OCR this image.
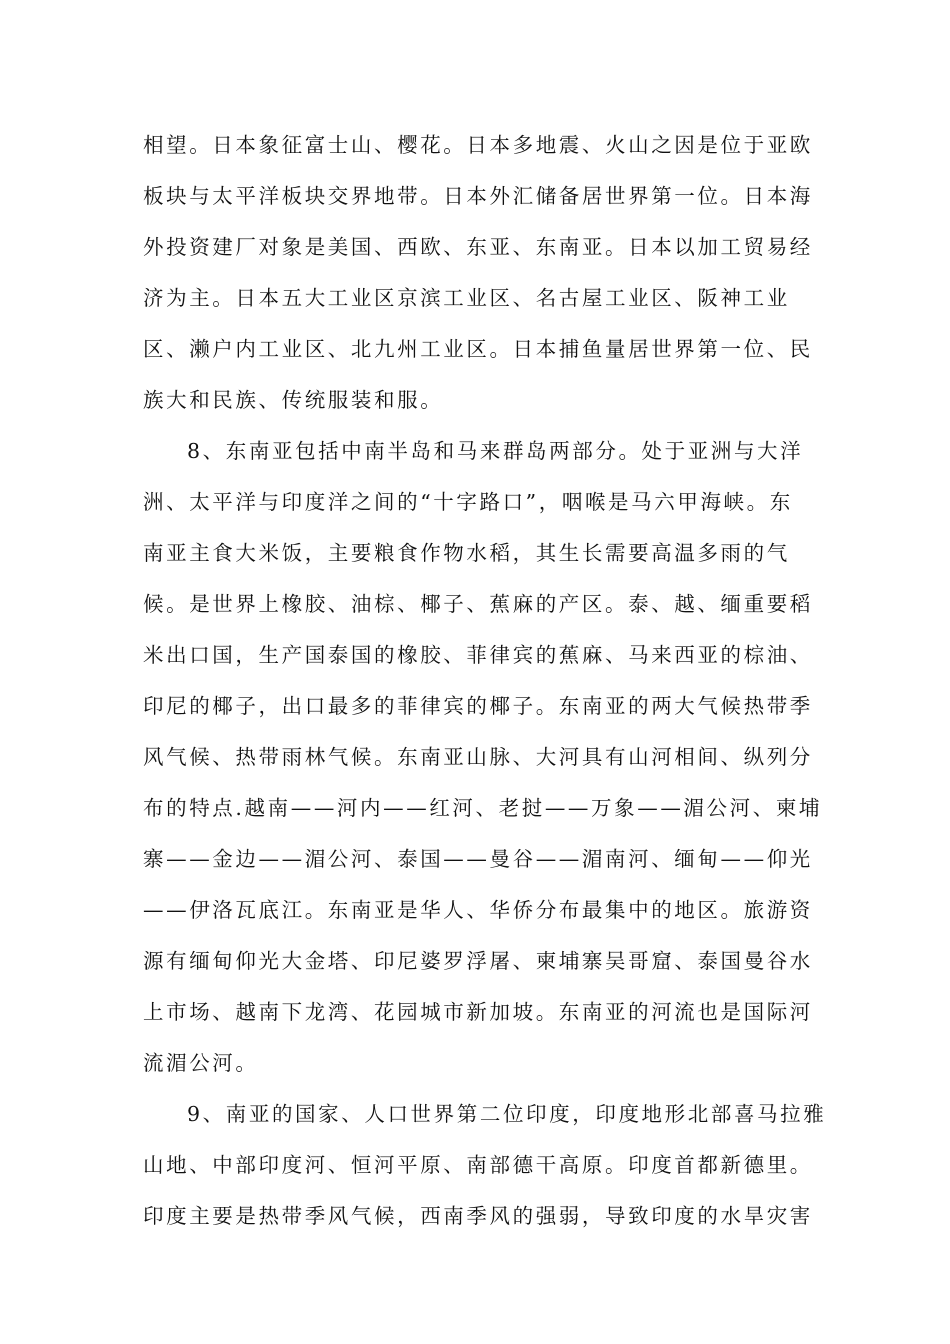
相望。日本象征富士山、樱花。日本多地震、火山之因是位于亚欧
板块与太平洋板块交界地带。日本外汇储备居世界第一位。日本海
外投资建厂对象是美国、西欧、东亚、东南亚。日本以加工贸易经
济为主。日本五大工业区京滨工业区、名古屋工业区、阪神工业
区、濑户内工业区、北九州工业区。日本捕鱼量居世界第一位、民
族大和民族、传统服装和服。
8、东南亚包括中南半岛和马来群岛两部分。处于亚洲与大洋
洲、太平洋与印度洋之间的“十字路口”，咽喉是马六甲海峡。东
南亚主食大米饭，主要粮食作物水稻，其生长需要高温多雨的气
候。是世界上橡胶、油棕、椰子、蕉麻的产区。泰、越、缅重要稻
米出口国，生产国泰国的橡胶、菲律宾的蕉麻、马来西亚的棕油、
印尼的椰子，出口最多的菲律宾的椰子。东南亚的两大气候热带季
风气候、热带雨林气候。东南亚山脉、大河具有山河相间、纵列分
布的特点.越南——河内——红河、老挝——万象——湄公河、柬埔
寨——金边——湄公河、泰国——曼谷——湄南河、缅甸——仰光
——伊洛瓦底江。东南亚是华人、华侨分布最集中的地区。旅游资
源有缅甸仰光大金塔、印尼婆罗浮屠、柬埔寨吴哥窟、泰国曼谷水
上市场、越南下龙湾、花园城市新加坡。东南亚的河流也是国际河
流湄公河。
9、南亚的国家、人口世界第二位印度，印度地形北部喜马拉雅
山地、中部印度河、恒河平原、南部德干高原。印度首都新德里。
印度主要是热带季风气候，西南季风的强弱，导致印度的水旱灾害
